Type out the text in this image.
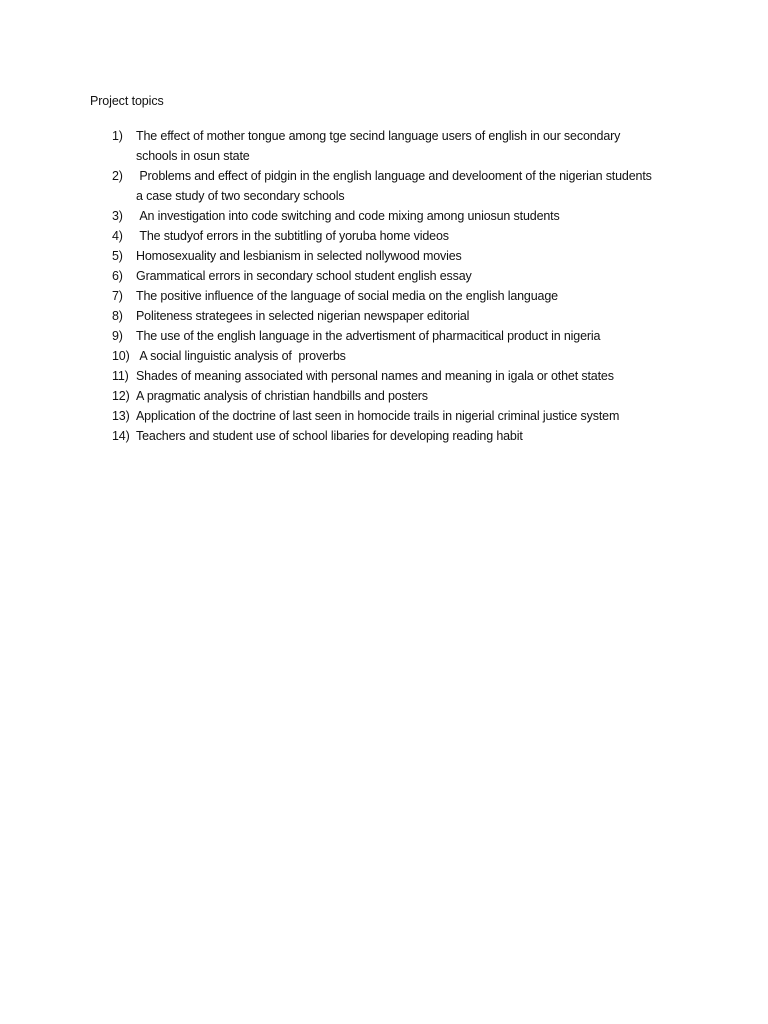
Project topics
1) The effect of mother tongue among tge secind language users of english in our secondary
schools in osun state
2) Problems and effect of pidgin in the english language and develooment of the nigerian students
a case study of two secondary schools
3) An investigation into code switching and code mixing among uniosun students
4) The studyof errors in the subtitling of yoruba home videos
5) Homosexuality and lesbianism in selected nollywood movies
6) Grammatical errors in secondary school student english essay
7) The positive influence of the language of social media on the english language
8) Politeness strategees in selected nigerian newspaper editorial
9) The use of the english language in the advertisment of pharmacitical product in nigeria
10) A social linguistic analysis of  proverbs
11) Shades of meaning associated with personal names and meaning in igala or othet states
12) A pragmatic analysis of christian handbills and posters
13) Application of the doctrine of last seen in homocide trails in nigerial criminal justice system
14) Teachers and student use of school libaries for developing reading habit
